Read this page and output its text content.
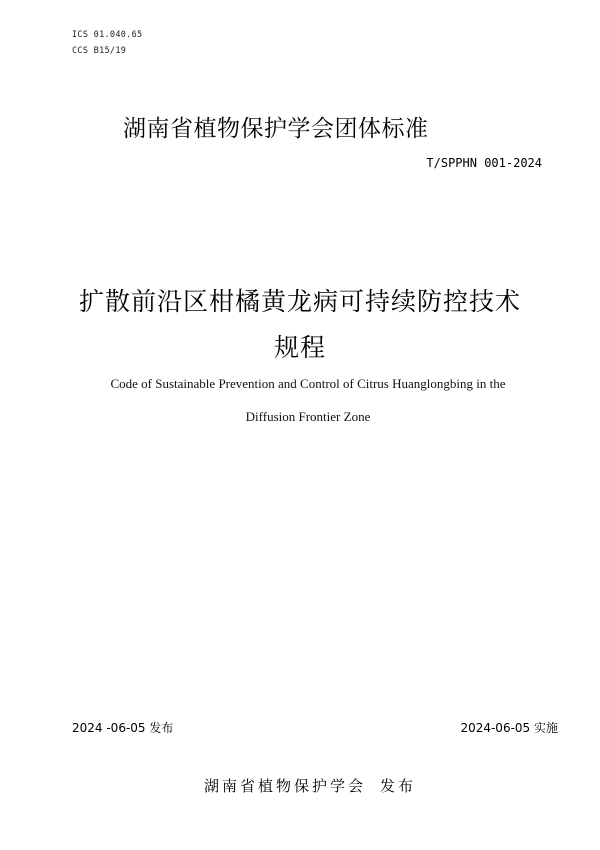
ICS 01.040.65
CCS B15/19
湖南省植物保护学会团体标准
T/SPPHN 001-2024
扩散前沿区柑橘黄龙病可持续防控技术
规程
Code of Sustainable Prevention and Control of Citrus Huanglongbing in the
Diffusion Frontier Zone
2024 -06-05 发布	2024-06-05 实施
湖南省植物保护学会 发布
